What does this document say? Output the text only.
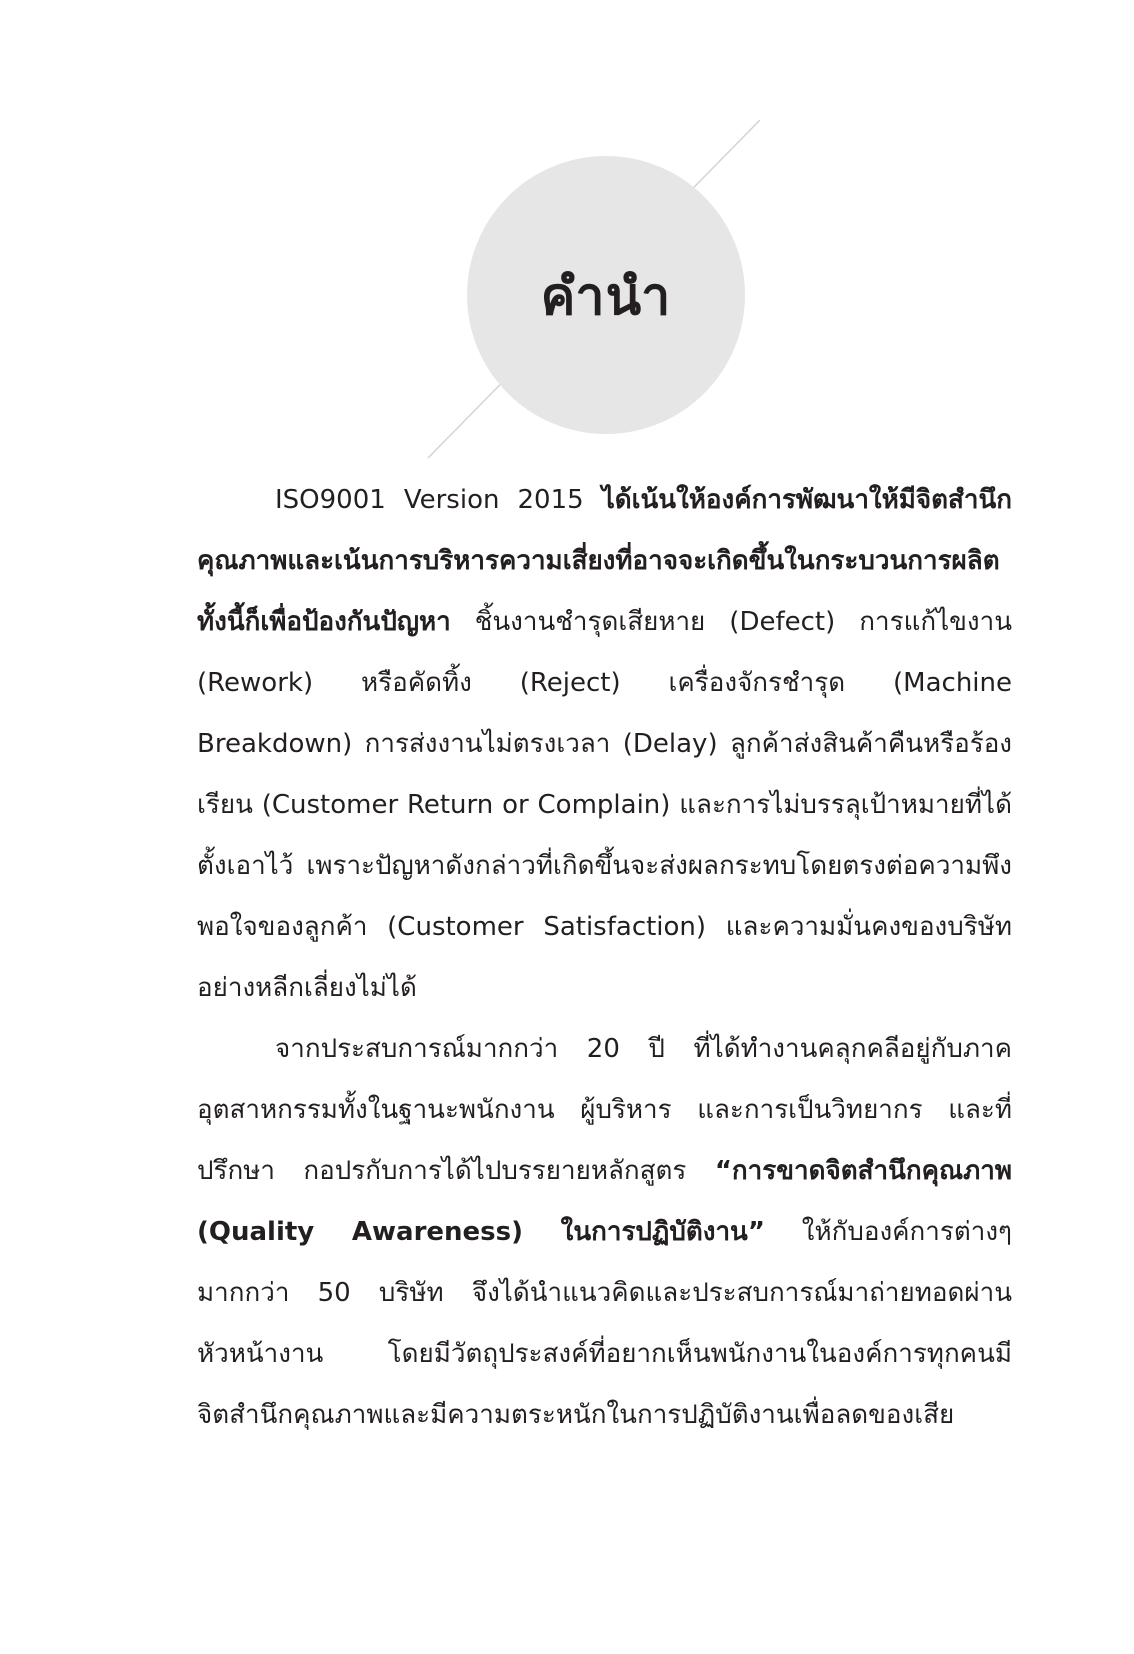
คำนำ

ISO9001 Version 2015 ได้เน้นให้องค์การพัฒนาให้มีจิตสำนึกคุณภาพและเน้นการบริหารความเสี่ยงที่อาจจะเกิดขึ้นในกระบวนการผลิต ทั้งนี้ก็เพื่อป้องกันปัญหา ชิ้นงานชำรุดเสียหาย (Defect) การแก้ไขงาน (Rework) หรือคัดทิ้ง (Reject) เครื่องจักรชำรุด (Machine Breakdown) การส่งงานไม่ตรงเวลา (Delay) ลูกค้าส่งสินค้าคืนหรือร้องเรียน (Customer Return or Complain) และการไม่บรรลุเป้าหมายที่ได้ตั้งเอาไว้ เพราะปัญหาดังกล่าวที่เกิดขึ้นจะส่งผลกระทบโดยตรงต่อความพึงพอใจของลูกค้า (Customer Satisfaction) และความมั่นคงของบริษัทอย่างหลีกเลี่ยงไม่ได้

จากประสบการณ์มากกว่า 20 ปี ที่ได้ทำงานคลุกคลีอยู่กับภาคอุตสาหกรรมทั้งในฐานะพนักงาน ผู้บริหาร และการเป็นวิทยากร และที่ปรึกษา กอปรกับการได้ไปบรรยายหลักสูตร “การขาดจิตสำนึกคุณภาพ (Quality Awareness) ในการปฏิบัติงาน” ให้กับองค์การต่างๆ มากกว่า 50 บริษัท จึงได้นำแนวคิดและประสบการณ์มาถ่ายทอดผ่านหัวหน้างาน โดยมีวัตถุประสงค์ที่อยากเห็นพนักงานในองค์การทุกคนมีจิตสำนึกคุณภาพและมีความตระหนักในการปฏิบัติงานเพื่อลดของเสีย
